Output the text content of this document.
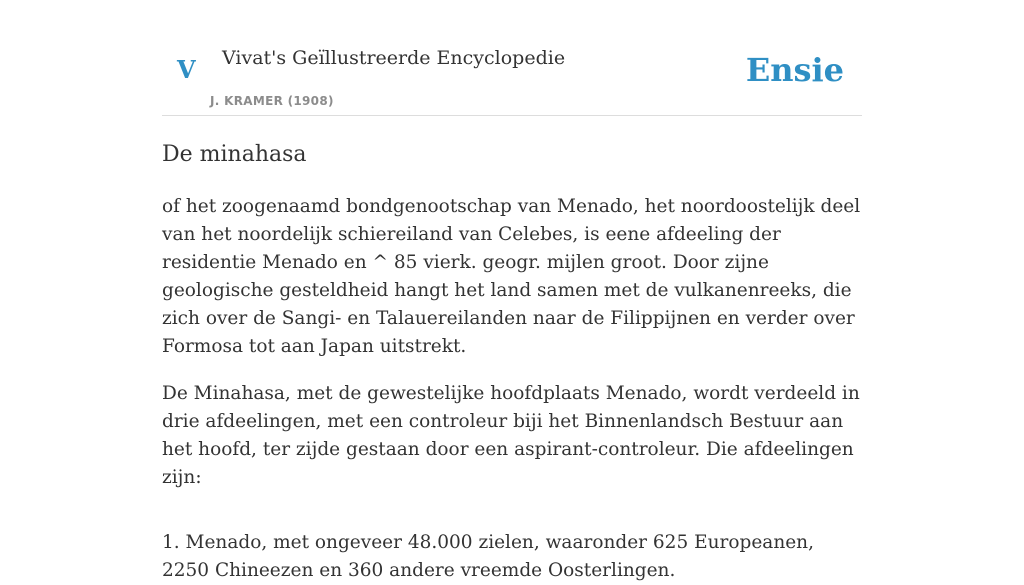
V Vivat's Geïllustreerde Encyclopedie
J. KRAMER (1908)
Ensie
De minahasa

of het zoogenaamd bondgenootschap van Menado, het noordoostelijk deel van het noordelijk schiereiland van Celebes, is eene afdeeling der residentie Menado en ^ 85 vierk. geogr. mijlen groot. Door zijne geologische gesteldheid hangt het land samen met de vulkanenreeks, die zich over de Sangi- en Talauereilanden naar de Filippijnen en verder over Formosa tot aan Japan uitstrekt.

De Minahasa, met de gewestelijke hoofdplaats Menado, wordt verdeeld in drie afdeelingen, met een controleur biji het Binnenlandsch Bestuur aan het hoofd, ter zijde gestaan door een aspirant-controleur. Die afdeelingen zijn:

1. Menado, met ongeveer 48.000 zielen, waaronder 625 Europeanen, 2250 Chineezen en 360 andere vreemde Oosterlingen.
